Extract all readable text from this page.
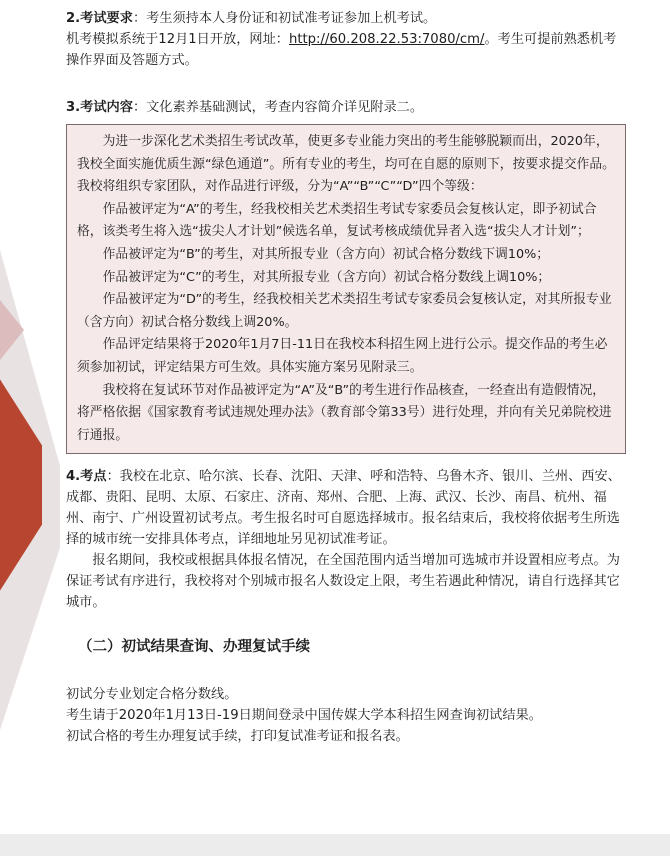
2.考试要求：考生须持本人身份证和初试准考证参加上机考试。

机考模拟系统于12月1日开放，网址：http://60.208.22.53:7080/cm/。考生可提前熟悉机考操作界面及答题方式。

3.考试内容：文化素养基础测试，考查内容简介详见附录二。

为进一步深化艺术类招生考试改革，使更多专业能力突出的考生能够脱颖而出，2020年，我校全面实施优质生源“绿色通道”。所有专业的考生，均可在自愿的原则下，按要求提交作品。我校将组织专家团队，对作品进行评级，分为“A”“B”“C”“D”四个等级：

作品被评定为“A”的考生，经我校相关艺术类招生考试专家委员会复核认定，即予初试合格，该类考生将入选“拔尖人才计划”候选名单，复试考核成绩优异者入选“拔尖人才计划”；

作品被评定为“B”的考生，对其所报专业（含方向）初试合格分数线下调10%；

作品被评定为“C”的考生，对其所报专业（含方向）初试合格分数线上调10%；

作品被评定为“D”的考生，经我校相关艺术类招生考试专家委员会复核认定，对其所报专业（含方向）初试合格分数线上调20%。

作品评定结果将于2020年1月7日-11日在我校本科招生网上进行公示。提交作品的考生必须参加初试，评定结果方可生效。具体实施方案另见附录三。

我校将在复试环节对作品被评定为“A”及“B”的考生进行作品核查，一经查出有造假情况，将严格依据《国家教育考试违规处理办法》（教育部令第33号）进行处理，并向有关兄弟院校进行通报。

4.考点：我校在北京、哈尔滨、长春、沈阳、天津、呼和浩特、乌鲁木齐、银川、兰州、西安、成都、贵阳、昆明、太原、石家庄、济南、郑州、合肥、上海、武汉、长沙、南昌、杭州、福州、南宁、广州设置初试考点。考生报名时可自愿选择城市。报名结束后，我校将依据考生所选择的城市统一安排具体考点，详细地址另见初试准考证。

报名期间，我校或根据具体报名情况，在全国范围内适当增加可选城市并设置相应考点。为保证考试有序进行，我校将对个别城市报名人数设定上限，考生若遇此种情况，请自行选择其它城市。

（二）初试结果查询、办理复试手续

初试分专业划定合格分数线。

考生请于2020年1月13日-19日期间登录中国传媒大学本科招生网查询初试结果。

初试合格的考生办理复试手续，打印复试准考证和报名表。
